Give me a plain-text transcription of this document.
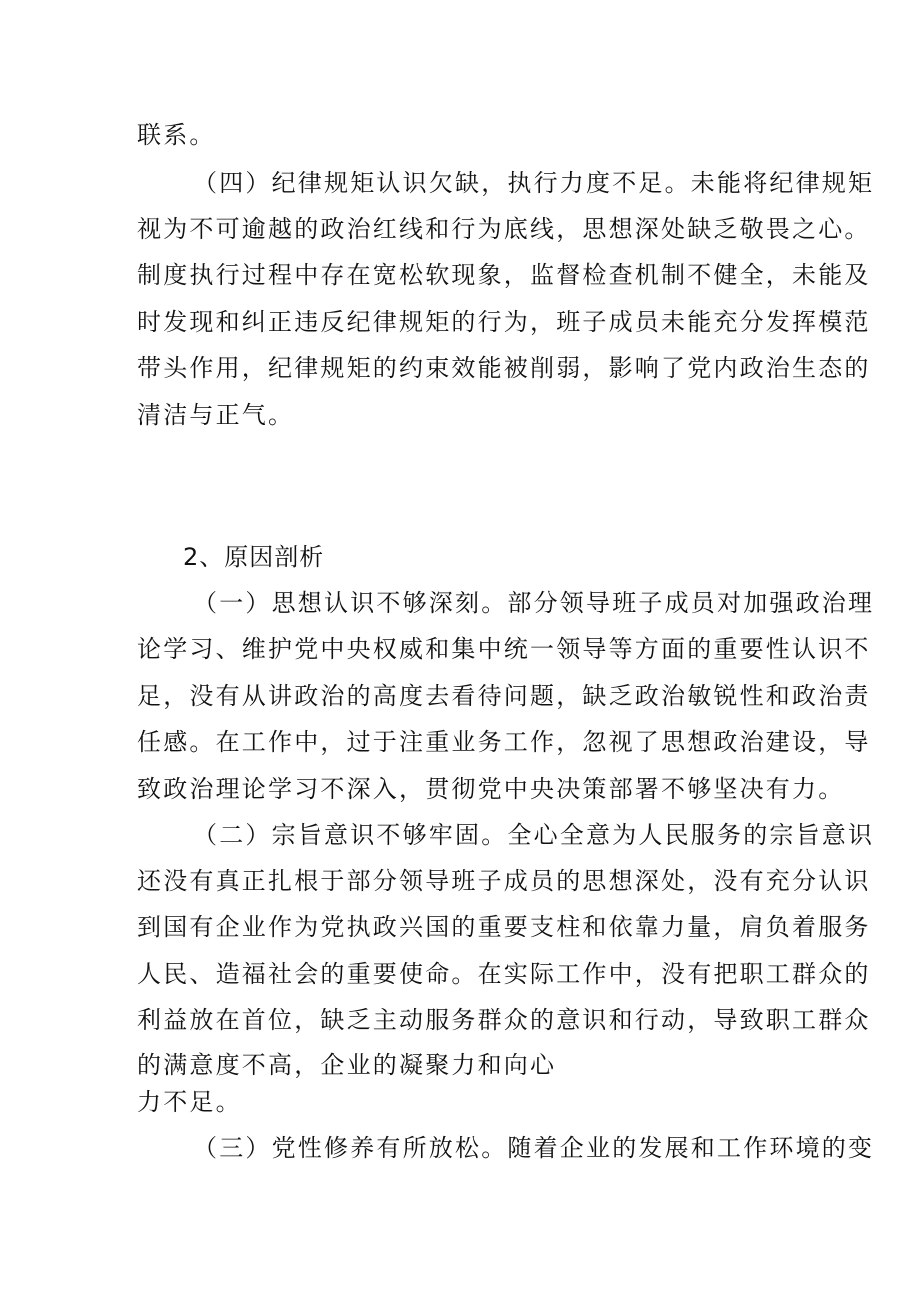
联系。
（四）纪律规矩认识欠缺，执行力度不足。未能将纪律规矩
视为不可逾越的政治红线和行为底线，思想深处缺乏敬畏之心。
制度执行过程中存在宽松软现象，监督检查机制不健全，未能及
时发现和纠正违反纪律规矩的行为，班子成员未能充分发挥模范
带头作用，纪律规矩的约束效能被削弱，影响了党内政治生态的
清洁与正气。
2、原因剖析
（一）思想认识不够深刻。部分领导班子成员对加强政治理
论学习、维护党中央权威和集中统一领导等方面的重要性认识不
足，没有从讲政治的高度去看待问题，缺乏政治敏锐性和政治责
任感。在工作中，过于注重业务工作，忽视了思想政治建设，导
致政治理论学习不深入，贯彻党中央决策部署不够坚决有力。
（二）宗旨意识不够牢固。全心全意为人民服务的宗旨意识
还没有真正扎根于部分领导班子成员的思想深处，没有充分认识
到国有企业作为党执政兴国的重要支柱和依靠力量，肩负着服务
人民、造福社会的重要使命。在实际工作中，没有把职工群众的
利益放在首位，缺乏主动服务群众的意识和行动，导致职工群众
的满意度不高，企业的凝聚力和向心
力不足。
（三）党性修养有所放松。随着企业的发展和工作环境的变
